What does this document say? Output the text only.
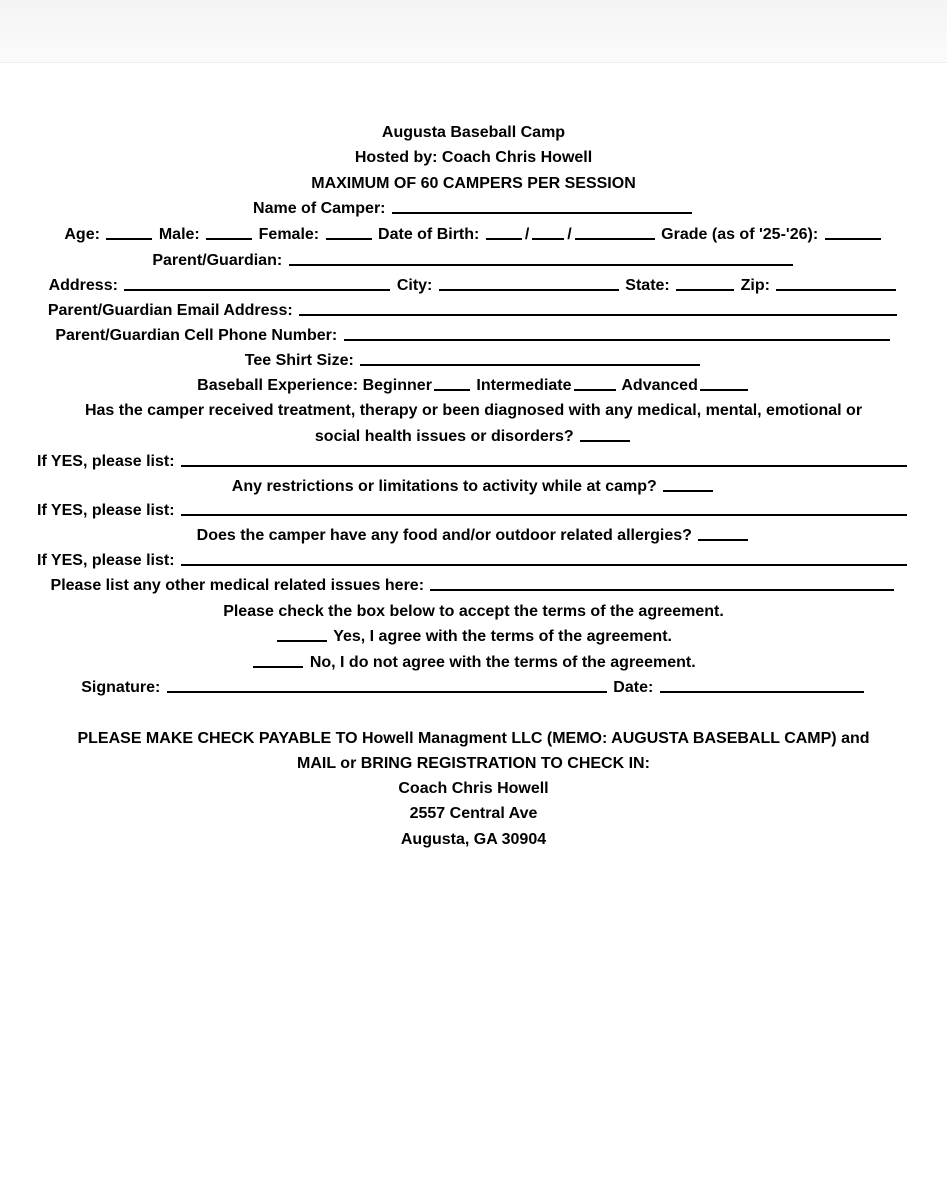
Augusta Baseball Camp
Hosted by: Coach Chris Howell
MAXIMUM OF 60 CAMPERS PER SESSION
Name of Camper:
Age:	Male:	Female:	Date of Birth:	/ /	Grade (as of '25-'26):
Parent/Guardian:
Address:	City:	State:	Zip:
Parent/Guardian Email Address:
Parent/Guardian Cell Phone Number:
Tee Shirt Size:
Baseball Experience: Beginner	Intermediate	Advanced
Has the camper received treatment, therapy or been diagnosed with any medical, mental, emotional or
social health issues or disorders?
If YES, please list:
Any restrictions or limitations to activity while at camp?
If YES, please list:
Does the camper have any food and/or outdoor related allergies?
If YES, please list:
Please list any other medical related issues here:
Please check the box below to accept the terms of the agreement.
Yes, I agree with the terms of the agreement.
No, I do not agree with the terms of the agreement.
Signature:	Date:
PLEASE MAKE CHECK PAYABLE TO Howell Managment LLC (MEMO: AUGUSTA BASEBALL CAMP) and
MAIL or BRING REGISTRATION TO CHECK IN:
Coach Chris Howell
2557 Central Ave
Augusta, GA 30904
